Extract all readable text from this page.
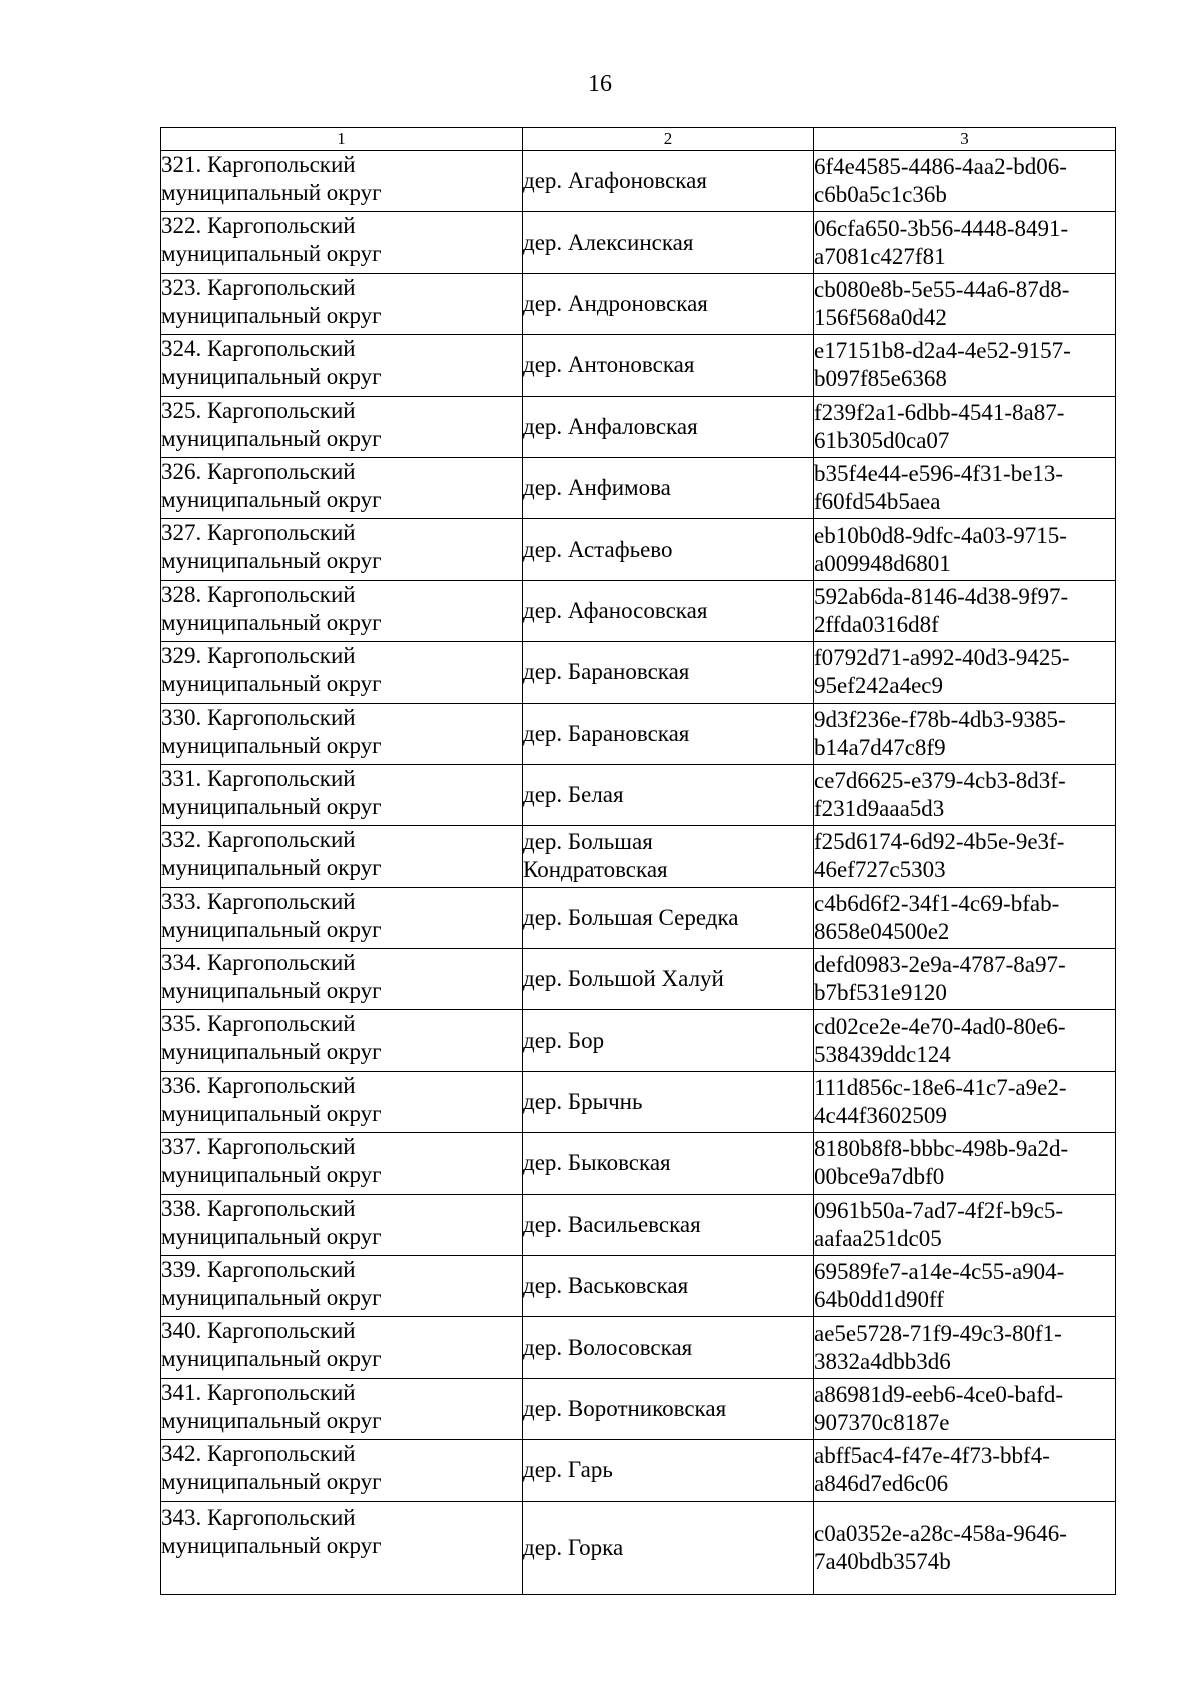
16
1	2	3

321. Каргопольский
муниципальный округ	дер. Агафоновская	6f4e4585-4486-4aa2-bd06-
c6b0a5c1c36b

322. Каргопольский
муниципальный округ	дер. Алексинская	06cfa650-3b56-4448-8491-
a7081c427f81

323. Каргопольский
муниципальный округ	дер. Андроновская	cb080e8b-5e55-44a6-87d8-
156f568a0d42

324. Каргопольский
муниципальный округ	дер. Антоновская	e17151b8-d2a4-4e52-9157-
b097f85e6368

325. Каргопольский
муниципальный округ	дер. Анфаловская	f239f2a1-6dbb-4541-8a87-
61b305d0ca07

326. Каргопольский
муниципальный округ	дер. Анфимова	b35f4e44-e596-4f31-be13-
f60fd54b5aea

327. Каргопольский
муниципальный округ	дер. Астафьево	eb10b0d8-9dfc-4a03-9715-
a009948d6801

328. Каргопольский
муниципальный округ	дер. Афаносовская	592ab6da-8146-4d38-9f97-
2ffda0316d8f

329. Каргопольский
муниципальный округ	дер. Барановская	f0792d71-a992-40d3-9425-
95ef242a4ec9

330. Каргопольский
муниципальный округ	дер. Барановская	9d3f236e-f78b-4db3-9385-
b14a7d47c8f9

331. Каргопольский
муниципальный округ	дер. Белая	ce7d6625-e379-4cb3-8d3f-
f231d9aaa5d3

332. Каргопольский
муниципальный округ	дер. Большая
Кондратовская	f25d6174-6d92-4b5e-9e3f-
46ef727c5303

333. Каргопольский
муниципальный округ	дер. Большая Середка	c4b6d6f2-34f1-4c69-bfab-
8658e04500e2

334. Каргопольский
муниципальный округ	дер. Большой Халуй	defd0983-2e9a-4787-8a97-
b7bf531e9120

335. Каргопольский
муниципальный округ	дер. Бор	cd02ce2e-4e70-4ad0-80e6-
538439ddc124

336. Каргопольский
муниципальный округ	дер. Брычнь	111d856c-18e6-41c7-a9e2-
4c44f3602509

337. Каргопольский
муниципальный округ	дер. Быковская	8180b8f8-bbbc-498b-9a2d-
00bce9a7dbf0

338. Каргопольский
муниципальный округ	дер. Васильевская	0961b50a-7ad7-4f2f-b9c5-
aafaa251dc05

339. Каргопольский
муниципальный округ	дер. Васьковская	69589fe7-a14e-4c55-a904-
64b0dd1d90ff

340. Каргопольский
муниципальный округ	дер. Волосовская	ae5e5728-71f9-49c3-80f1-
3832a4dbb3d6

341. Каргопольский
муниципальный округ	дер. Воротниковская	a86981d9-eeb6-4ce0-bafd-
907370c8187e

342. Каргопольский
муниципальный округ	дер. Гарь	abff5ac4-f47e-4f73-bbf4-
a846d7ed6c06

343. Каргопольский
муниципальный округ	дер. Горка	c0a0352e-a28c-458a-9646-
7a40bdb3574b
